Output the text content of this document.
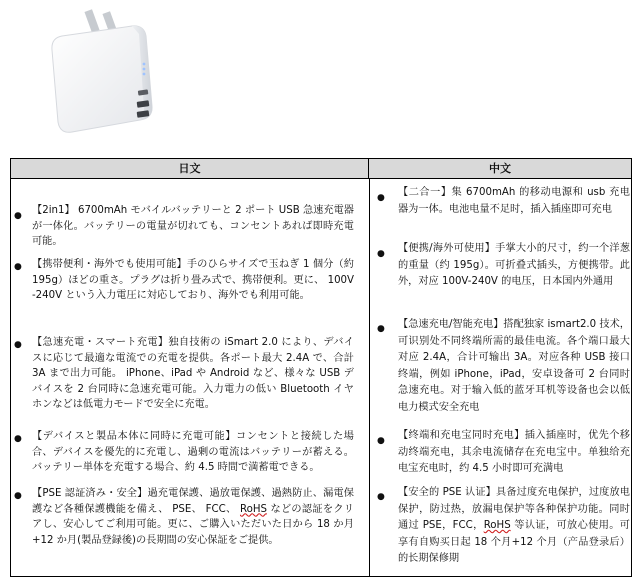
日文	中文
● 【2in1】 6700mAh モバイルバッテリーと 2 ポート USB 急速充電器が一体化。バッテリーの電量が切れても、コンセントあれば即時充電可能。
● 【携帯便利・海外でも使用可能】手のひらサイズで玉ねぎ 1 個分（約 195g）ほどの重さ。プラグは折り畳み式で、携帯便利。更に、 100V-240V という入力電圧に対応しており、海外でも利用可能。
● 【急速充電・スマート充電】独自技術の iSmart 2.0 により、デバイスに応じて最適な電流での充電を提供。各ポート最大 2.4A で、合計 3A まで出力可能。 iPhone、iPad や Android など、様々な USB デバイスを 2 台同時に急速充電可能。入力電力の低い Bluetooth イヤホンなどは低電力モードで安全に充電。
● 【デバイスと製品本体に同時に充電可能】コンセントと接続した場合、デバイスを優先的に充電し、過剰の電流はバッテリーが蓄える。バッテリー単体を充電する場合、約 4.5 時間で満蓄電できる。
● 【PSE 認証済み・安全】過充電保護、過放電保護、過熱防止、漏電保護など各種保護機能を備え、 PSE、 FCC、 RoHS などの認証をクリアし、安心してご利用可能。更に、ご購入いただいた日から 18 か月+12 か月(製品登録後)の長期間の安心保証をご提供。
● 【二合一】集 6700mAh 的移动电源和 usb 充电器为一体。电池电量不足时，插入插座即可充电
● 【便携/海外可使用】手掌大小的尺寸，约一个洋葱的重量（约 195g）。可折叠式插头，方便携带。此外，对应 100V-240V 的电压，日本国内外通用
● 【急速充电/智能充电】搭配独家 ismart2.0 技术，可识别处不同终端所需的最佳电流。各个端口最大对应 2.4A，合计可输出 3A。对应各种 USB 接口终端，例如 iPhone，iPad，安卓设备可 2 台同时急速充电。对于输入低的蓝牙耳机等设备也会以低电力模式安全充电
● 【终端和充电宝同时充电】插入插座时，优先个移动终端充电，其余电流储存在充电宝中。单独给充电宝充电时，约 4.5 小时即可充满电
● 【安全的 PSE 认证】具备过度充电保护，过度放电保护，防过热，放漏电保护等各种保护功能。同时通过 PSE，FCC，RoHS 等认证，可放心使用。可享有自购买日起 18 个月+12 个月（产品登录后）的长期保修期
